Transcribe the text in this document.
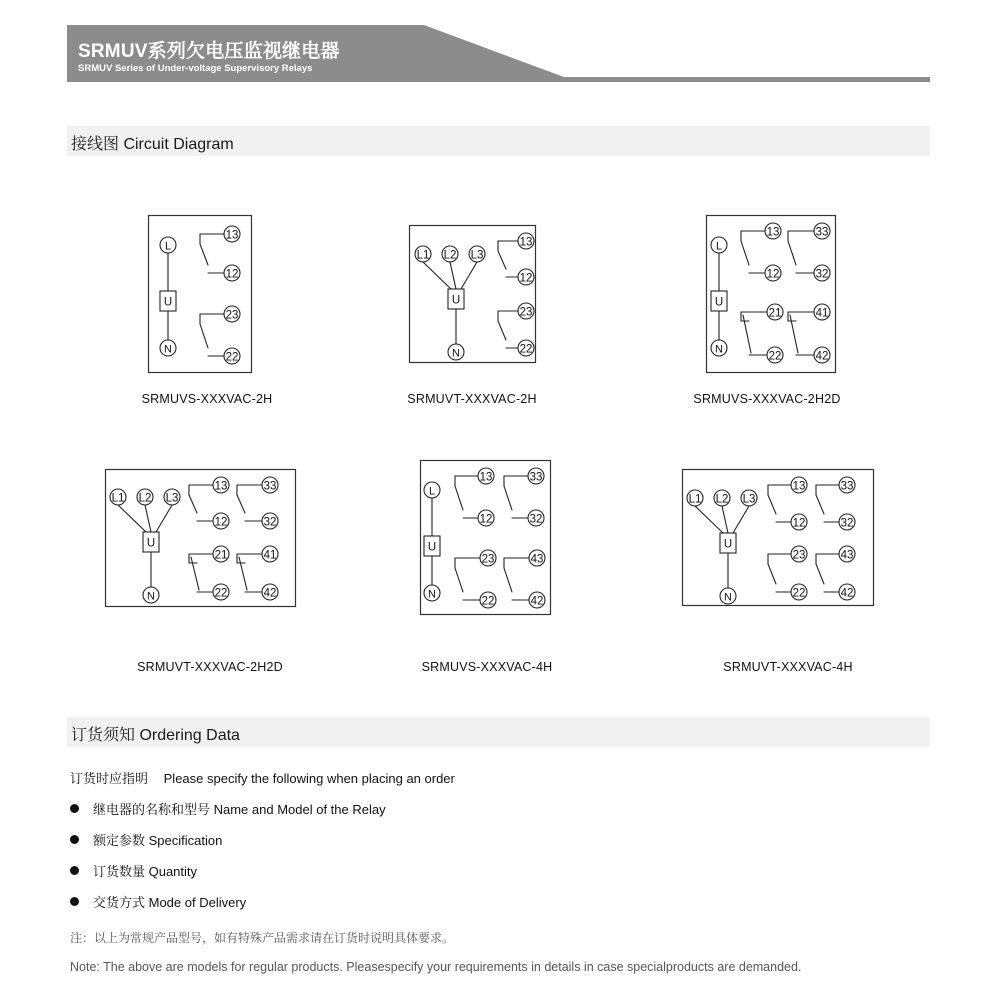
SRMUV系列欠电压监视继电器
SRMUV Series of Under-voltage Supervisory Relays
接线图 Circuit Diagram
L
U
N
13
12
23
22
L1 L2 L3
U
N
13
12
23
22
L
U
N
13
12
33
32
22
21
42
41
L1 L2 L3
U
N
13
12
33
32
22
21
42
41
L
U
N
13
12
33
32
23
22
43
42
L1 L2 L3
U
N
13
12
33
32
23
22
43
42
SRMUVS-XXXVAC-2H	SRMUVT-XXXVAC-2H	SRMUVS-XXXVAC-2H2D
SRMUVT-XXXVAC-2H2D	SRMUVS-XXXVAC-4H	SRMUVT-XXXVAC-4H
订货须知 Ordering Data
订货时应指明 Please specify the following when placing an order
继电器的名称和型号 Name and Model of the Relay
额定参数 Specification
订货数量 Quantity
交货方式 Mode of Delivery
注：以上为常规产品型号，如有特殊产品需求请在订货时说明具体要求。
Note: The above are models for regular products. Pleasespecify your requirements in details in case specialproducts are demanded.
